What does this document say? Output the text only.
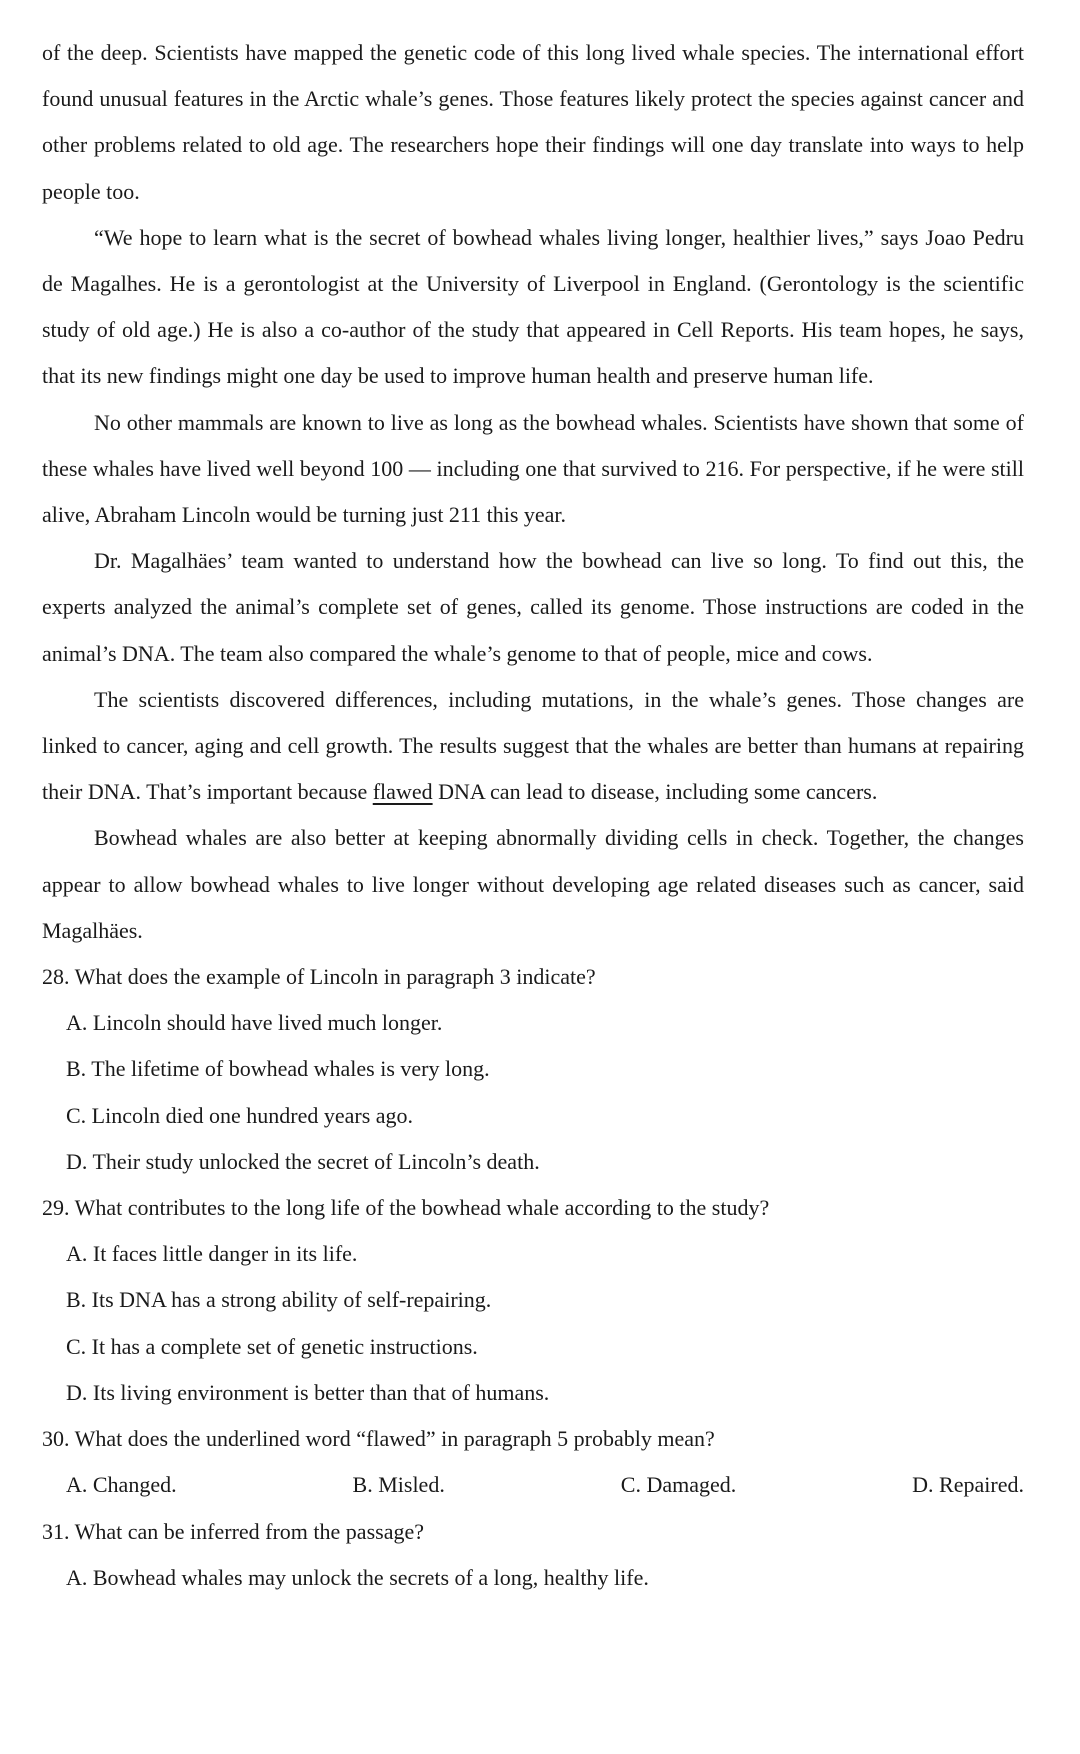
of the deep. Scientists have mapped the genetic code of this long lived whale species. The international effort found unusual features in the Arctic whale’s genes. Those features likely protect the species against cancer and other problems related to old age. The researchers hope their findings will one day translate into ways to help people too.

“We hope to learn what is the secret of bowhead whales living longer, healthier lives,” says Joao Pedru de Magalhes. He is a gerontologist at the University of Liverpool in England. (Gerontology is the scientific study of old age.) He is also a co-author of the study that appeared in Cell Reports. His team hopes, he says, that its new findings might one day be used to improve human health and preserve human life.

No other mammals are known to live as long as the bowhead whales. Scientists have shown that some of these whales have lived well beyond 100 — including one that survived to 216. For perspective, if he were still alive, Abraham Lincoln would be turning just 211 this year.

Dr. Magalhäes’ team wanted to understand how the bowhead can live so long. To find out this, the experts analyzed the animal’s complete set of genes, called its genome. Those instructions are coded in the animal’s DNA. The team also compared the whale’s genome to that of people, mice and cows.

The scientists discovered differences, including mutations, in the whale’s genes. Those changes are linked to cancer, aging and cell growth. The results suggest that the whales are better than humans at repairing their DNA. That’s important because flawed DNA can lead to disease, including some cancers.

Bowhead whales are also better at keeping abnormally dividing cells in check. Together, the changes appear to allow bowhead whales to live longer without developing age related diseases such as cancer, said Magalhäes.

28. What does the example of Lincoln in paragraph 3 indicate?

A. Lincoln should have lived much longer.

B. The lifetime of bowhead whales is very long.

C. Lincoln died one hundred years ago.

D. Their study unlocked the secret of Lincoln’s death.

29. What contributes to the long life of the bowhead whale according to the study?

A. It faces little danger in its life.

B. Its DNA has a strong ability of self-repairing.

C. It has a complete set of genetic instructions.

D. Its living environment is better than that of humans.

30. What does the underlined word “flawed” in paragraph 5 probably mean?

A. Changed.	B. Misled.	C. Damaged.	D. Repaired.

31. What can be inferred from the passage?

A. Bowhead whales may unlock the secrets of a long, healthy life.
